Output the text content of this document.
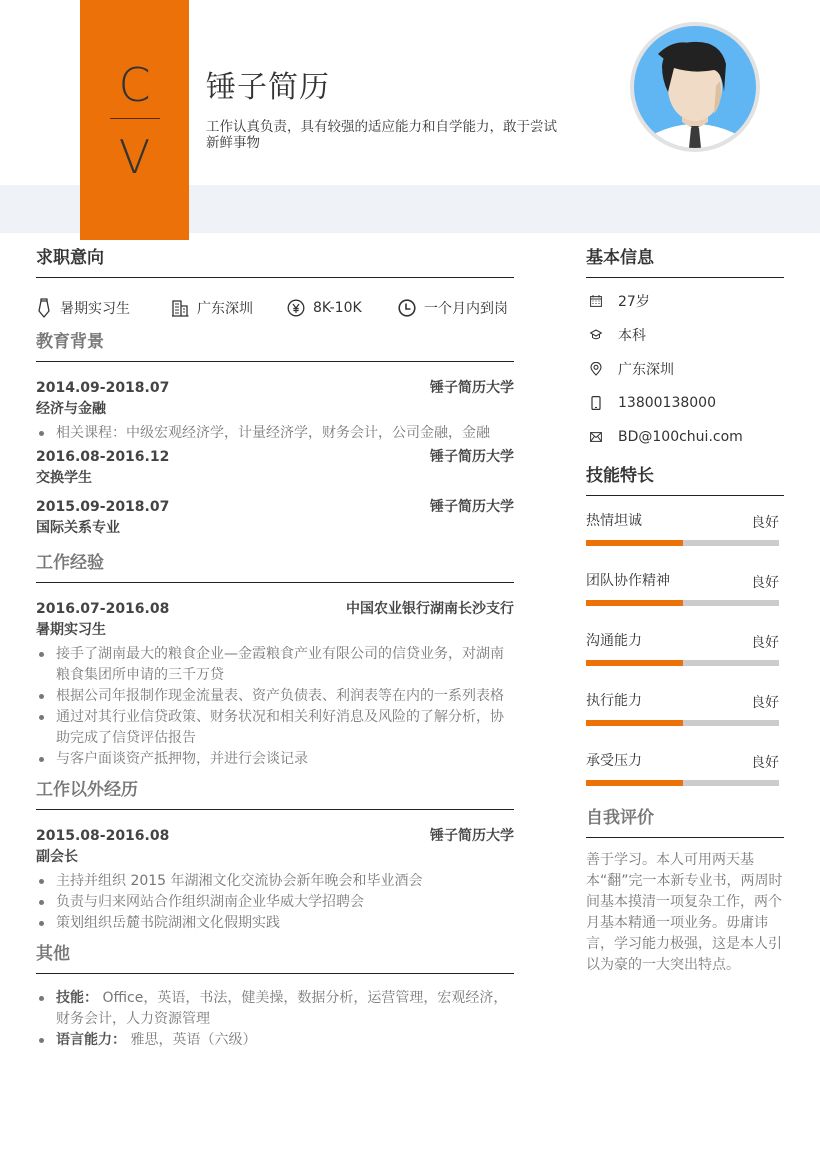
C
V
锤子简历
工作认真负责，具有较强的适应能力和自学能力，敢于尝试新鲜事物
求职意向
暑期实习生	广东深圳	8K-10K	一个月内到岗
教育背景
2014.09-2018.07	锤子简历大学
经济与金融
相关课程：中级宏观经济学，计量经济学，财务会计，公司金融，金融
2016.08-2016.12	锤子简历大学
交换学生
2015.09-2018.07	锤子简历大学
国际关系专业
工作经验
2016.07-2016.08	中国农业银行湖南长沙支行
暑期实习生
接手了湖南最大的粮食企业—金霞粮食产业有限公司的信贷业务，对湖南粮食集团所申请的三千万贷
根据公司年报制作现金流量表、资产负债表、利润表等在内的一系列表格
通过对其行业信贷政策、财务状况和相关利好消息及风险的了解分析，协助完成了信贷评估报告
与客户面谈资产抵押物，并进行会谈记录
工作以外经历
2015.08-2016.08	锤子简历大学
副会长
主持并组织 2015 年湖湘文化交流协会新年晚会和毕业酒会
负责与归来网站合作组织湖南企业华威大学招聘会
策划组织岳麓书院湖湘文化假期实践
其他
技能： Office，英语，书法，健美操，数据分析，运营管理，宏观经济，财务会计，人力资源管理
语言能力： 雅思，英语（六级）
基本信息
27岁
本科
广东深圳
13800138000
BD@100chui.com
技能特长
热情坦诚	良好
团队协作精神	良好
沟通能力	良好
执行能力	良好
承受压力	良好
自我评价
善于学习。本人可用两天基本“翻”完一本新专业书，两周时间基本摸清一项复杂工作，两个月基本精通一项业务。毋庸讳言，学习能力极强，这是本人引以为豪的一大突出特点。
